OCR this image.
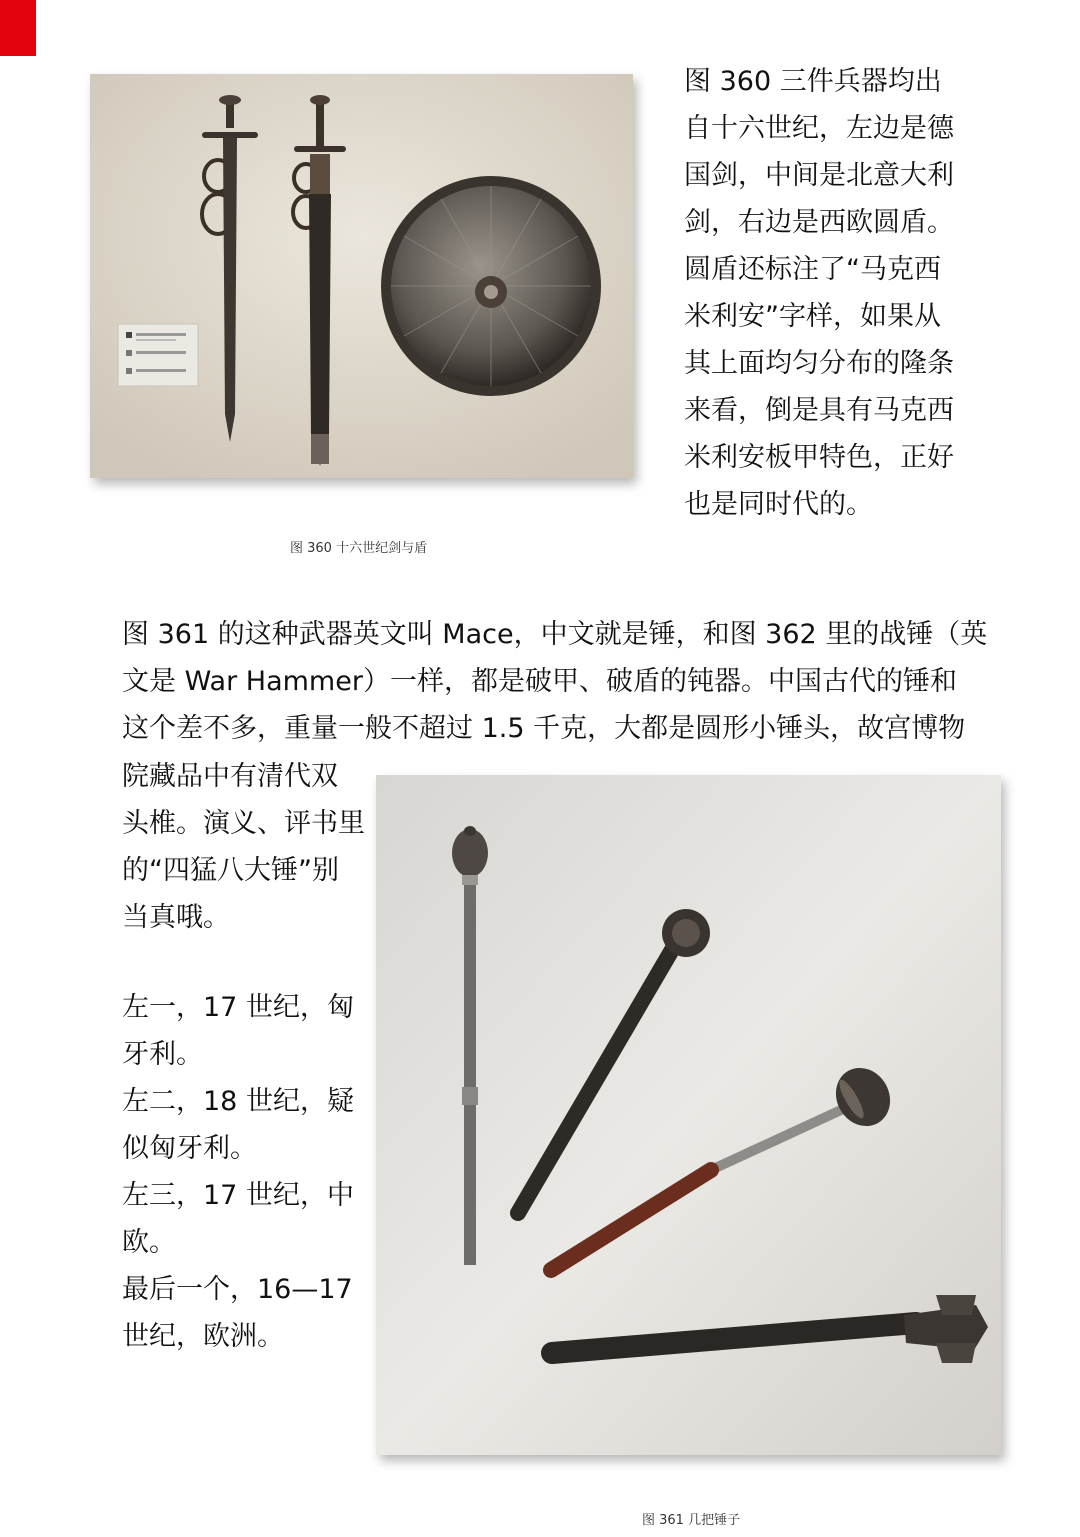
图 360 三件兵器均出

自十六世纪，左边是德

国剑，中间是北意大利

剑，右边是西欧圆盾。

圆盾还标注了“马克西

米利安”字样，如果从

其上面均匀分布的隆条

来看，倒是具有马克西

米利安板甲特色，正好

也是同时代的。

图 360 十六世纪剑与盾

图 361 的这种武器英文叫 Mace，中文就是锤，和图 362 里的战锤（英

文是 War Hammer）一样，都是破甲、破盾的钝器。中国古代的锤和

这个差不多，重量一般不超过 1.5 千克，大都是圆形小锤头，故宫博物

院藏品中有清代双

头椎。演义、评书里

的“四猛八大锤”别

当真哦。

左一，17 世纪，匈

牙利。

左二，18 世纪，疑

似匈牙利。

左三，17 世纪，中

欧。

最后一个，16—17

世纪，欧洲。

图 361 几把锤子
